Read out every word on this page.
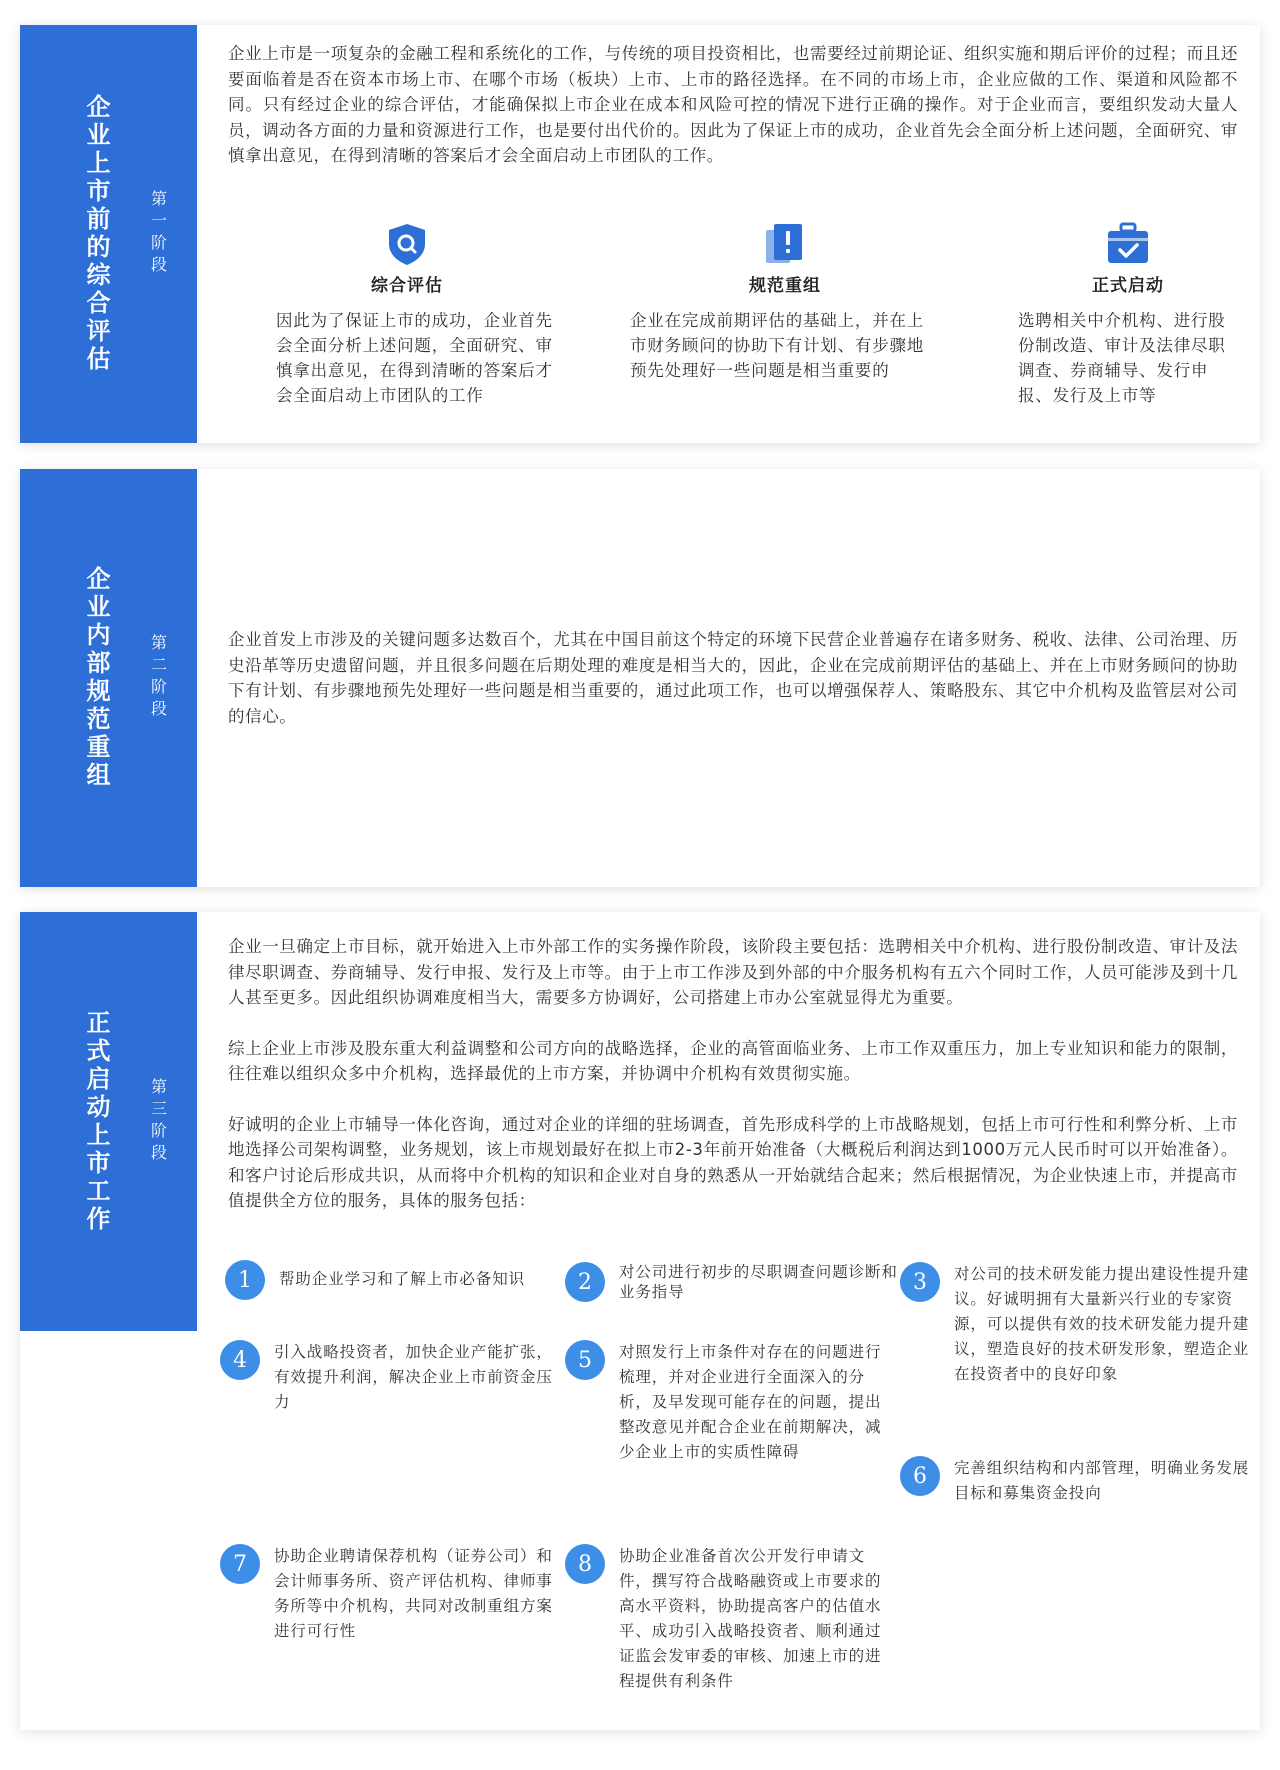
企业上市前的综合评估 第一阶段

企业上市是一项复杂的金融工程和系统化的工作，与传统的项目投资相比，也需要经过前期论证、组织实施和期后评价的过程；而且还要面临着是否在资本市场上市、在哪个市场（板块）上市、上市的路径选择。在不同的市场上市，企业应做的工作、渠道和风险都不同。只有经过企业的综合评估，才能确保拟上市企业在成本和风险可控的情况下进行正确的操作。对于企业而言，要组织发动大量人员，调动各方面的力量和资源进行工作，也是要付出代价的。因此为了保证上市的成功，企业首先会全面分析上述问题，全面研究、审慎拿出意见，在得到清晰的答案后才会全面启动上市团队的工作。

综合评估
因此为了保证上市的成功，企业首先会全面分析上述问题，全面研究、审慎拿出意见，在得到清晰的答案后才会全面启动上市团队的工作
规范重组
企业在完成前期评估的基础上，并在上市财务顾问的协助下有计划、有步骤地预先处理好一些问题是相当重要的
正式启动
选聘相关中介机构、进行股份制改造、审计及法律尽职调查、券商辅导、发行申报、发行及上市等
企业内部规范重组 第二阶段	企业首发上市涉及的关键问题多达数百个，尤其在中国目前这个特定的环境下民营企业普遍存在诸多财务、税收、法律、公司治理、历史沿革等历史遗留问题，并且很多问题在后期处理的难度是相当大的，因此，企业在完成前期评估的基础上、并在上市财务顾问的协助下有计划、有步骤地预先处理好一些问题是相当重要的，通过此项工作，也可以增强保荐人、策略股东、其它中介机构及监管层对公司的信心。

正式启动上市工作 第三阶段

企业一旦确定上市目标，就开始进入上市外部工作的实务操作阶段，该阶段主要包括：选聘相关中介机构、进行股份制改造、审计及法律尽职调查、券商辅导、发行申报、发行及上市等。由于上市工作涉及到外部的中介服务机构有五六个同时工作，人员可能涉及到十几人甚至更多。因此组织协调难度相当大，需要多方协调好，公司搭建上市办公室就显得尤为重要。

综上企业上市涉及股东重大利益调整和公司方向的战略选择，企业的高管面临业务、上市工作双重压力，加上专业知识和能力的限制，往往难以组织众多中介机构，选择最优的上市方案，并协调中介机构有效贯彻实施。

好诚明的企业上市辅导一体化咨询，通过对企业的详细的驻场调查，首先形成科学的上市战略规划，包括上市可行性和利弊分析、上市地选择公司架构调整，业务规划，该上市规划最好在拟上市2-3年前开始准备（大概税后利润达到1000万元人民币时可以开始准备）。和客户讨论后形成共识，从而将中介机构的知识和企业对自身的熟悉从一开始就结合起来；然后根据情况，为企业快速上市，并提高市值提供全方位的服务，具体的服务包括：

1	帮助企业学习和了解上市必备知识	2	对公司进行初步的尽职调查问题诊断和业务指导	3	对公司的技术研发能力提出建设性提升建议。好诚明拥有大量新兴行业的专家资源，可以提供有效的技术研发能力提升建议，塑造良好的技术研发形象，塑造企业在投资者中的良好印象
4	引入战略投资者，加快企业产能扩张，有效提升利润，解决企业上市前资金压力
5	对照发行上市条件对存在的问题进行梳理，并对企业进行全面深入的分析，及早发现可能存在的问题，提出整改意见并配合企业在前期解决，减少企业上市的实质性障碍
6	完善组织结构和内部管理，明确业务发展目标和募集资金投向
7	协助企业聘请保荐机构（证券公司）和会计师事务所、资产评估机构、律师事务所等中介机构，共同对改制重组方案进行可行性
8	协助企业准备首次公开发行申请文件，撰写符合战略融资或上市要求的高水平资料，协助提高客户的估值水平、成功引入战略投资者、顺利通过证监会发审委的审核、加速上市的进程提供有利条件
